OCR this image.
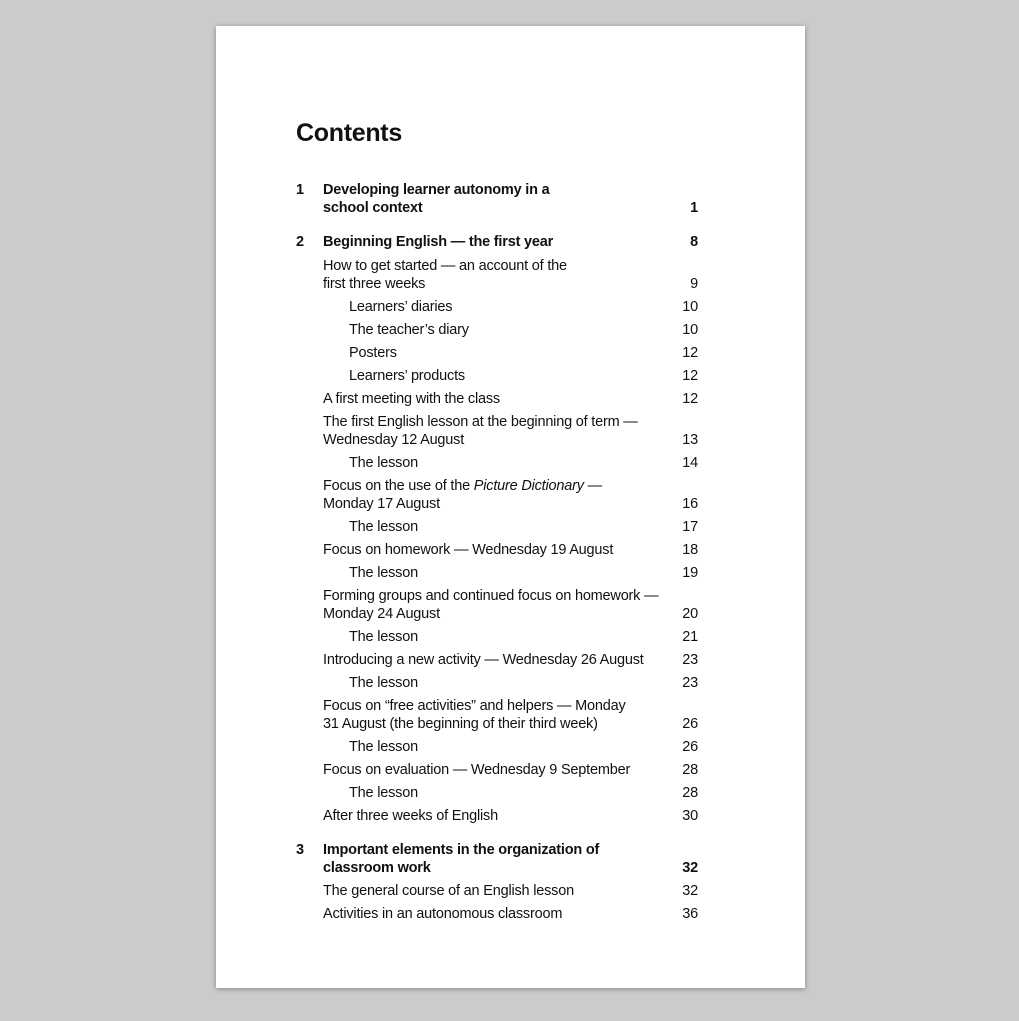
Contents
1 Developing learner autonomy in a school context	1
2 Beginning English — the first year	8
How to get started — an account of the first three weeks	9
Learners’ diaries	10
The teacher’s diary	10
Posters	12
Learners’ products	12
A first meeting with the class	12
The first English lesson at the beginning of term — Wednesday 12 August	13
The lesson	14
Focus on the use of the Picture Dictionary — Monday 17 August	16
The lesson	17
Focus on homework — Wednesday 19 August	18
The lesson	19
Forming groups and continued focus on homework — Monday 24 August	20
The lesson	21
Introducing a new activity — Wednesday 26 August	23
The lesson	23
Focus on “free activities” and helpers — Monday 31 August (the beginning of their third week)	26
The lesson	26
Focus on evaluation — Wednesday 9 September	28
The lesson	28
After three weeks of English	30
3 Important elements in the organization of classroom work	32
The general course of an English lesson	32
Activities in an autonomous classroom	36
